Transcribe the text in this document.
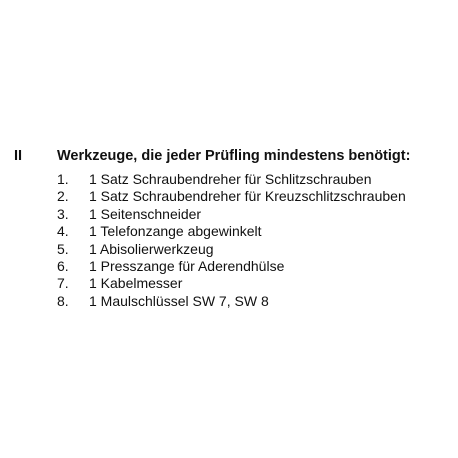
II Werkzeuge, die jeder Prüfling mindestens benötigt:
1. 1 Satz Schraubendreher für Schlitzschrauben
2. 1 Satz Schraubendreher für Kreuzschlitzschrauben
3. 1 Seitenschneider
4. 1 Telefonzange abgewinkelt
5. 1 Abisolierwerkzeug
6. 1 Presszange für Aderendhülse
7. 1 Kabelmesser
8. 1 Maulschlüssel SW 7, SW 8
